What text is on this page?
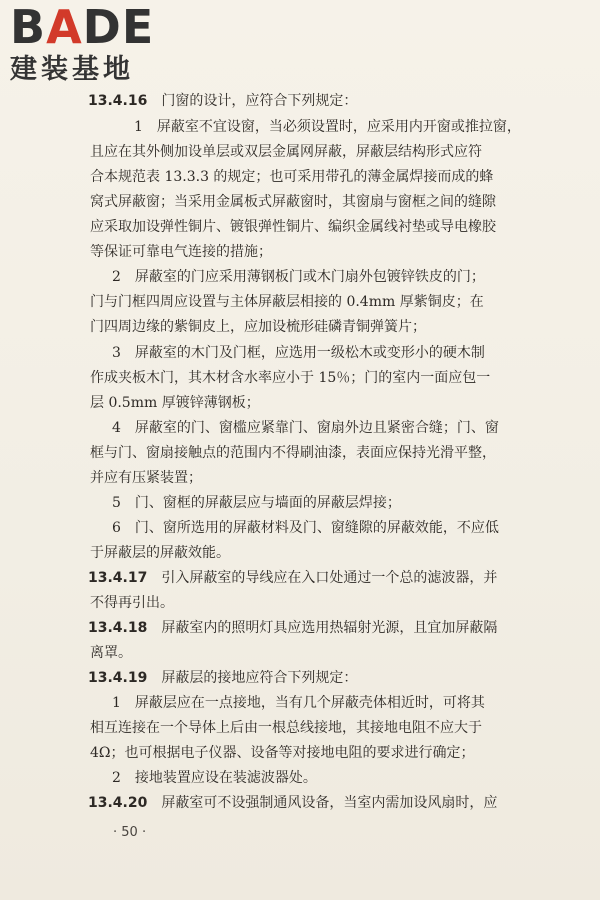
BADE
建装基地
13.4.16　 门窗的设计，应符合下列规定：
1　屏蔽室不宜设窗，当必须设置时，应采用内开窗或推拉窗，
且应在其外侧加设单层或双层金属网屏蔽，屏蔽层结构形式应符
合本规范表 13.3.3 的规定；也可采用带孔的薄金属焊接而成的蜂
窝式屏蔽窗；当采用金属板式屏蔽窗时，其窗扇与窗框之间的缝隙
应采取加设弹性铜片、镀银弹性铜片、编织金属线衬垫或导电橡胶
等保证可靠电气连接的措施；
2　屏蔽室的门应采用薄钢板门或木门扇外包镀锌铁皮的门；
门与门框四周应设置与主体屏蔽层相接的 0.4mm 厚紫铜皮；在
门四周边缘的紫铜皮上，应加设梳形硅磷青铜弹簧片；
3　屏蔽室的木门及门框，应选用一级松木或变形小的硬木制
作成夹板木门，其木材含水率应小于 15％；门的室内一面应包一
层 0.5mm 厚镀锌薄钢板；
4　屏蔽室的门、窗槛应紧靠门、窗扇外边且紧密合缝；门、窗
框与门、窗扇接触点的范围内不得刷油漆，表面应保持光滑平整，
并应有压紧装置；
5　门、窗框的屏蔽层应与墙面的屏蔽层焊接；
6　门、窗所选用的屏蔽材料及门、窗缝隙的屏蔽效能，不应低
于屏蔽层的屏蔽效能。
13.4.17　 引入屏蔽室的导线应在入口处通过一个总的滤波器，并
不得再引出。
13.4.18　 屏蔽室内的照明灯具应选用热辐射光源，且宜加屏蔽隔
离罩。
13.4.19　 屏蔽层的接地应符合下列规定：
1　屏蔽层应在一点接地，当有几个屏蔽壳体相近时，可将其
相互连接在一个导体上后由一根总线接地，其接地电阻不应大于
4Ω；也可根据电子仪器、设备等对接地电阻的要求进行确定；
2　接地装置应设在装滤波器处。
13.4.20　 屏蔽室可不设强制通风设备，当室内需加设风扇时，应
· 50 ·
